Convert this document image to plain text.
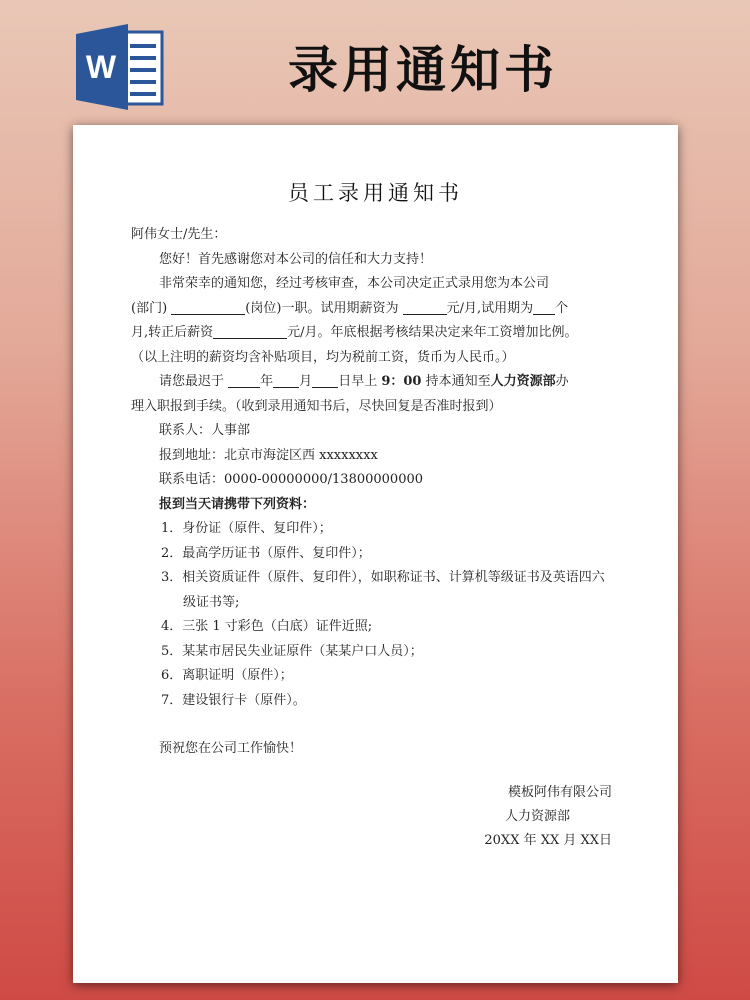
W	录用通知书
员工录用通知书

阿伟女士/先生：

您好！首先感谢您对本公司的信任和大力支持！

非常荣幸的通知您，经过考核审查，本公司决定正式录用您为本公司

(部门)	(岗位)一职。试用期薪资为	元/月,试用期为 个

月,转正后薪资	元/月。年底根据考核结果决定来年工资增加比例。

（以上注明的薪资均含补贴项目，均为税前工资，货币为人民币。）

请您最迟于	年 月 日早上 9：00 持本通知至人力资源部办

理入职报到手续。（收到录用通知书后，尽快回复是否准时报到）

联系人：人事部

报到地址：北京市海淀区西 xxxxxxxx

联系电话：0000-00000000/13800000000

报到当天请携带下列资料：

1．身份证（原件、复印件）；

2．最高学历证书（原件、复印件）；

3．相关资质证件（原件、复印件），如职称证书、计算机等级证书及英语四六级证书等;

4．三张 1 寸彩色（白底）证件近照;

5．某某市居民失业证原件（某某户口人员）；

6．离职证明（原件）；

7．建设银行卡（原件）。

预祝您在公司工作愉快！

模板阿伟有限公司
人力资源部
20XX 年 XX 月 XX日
